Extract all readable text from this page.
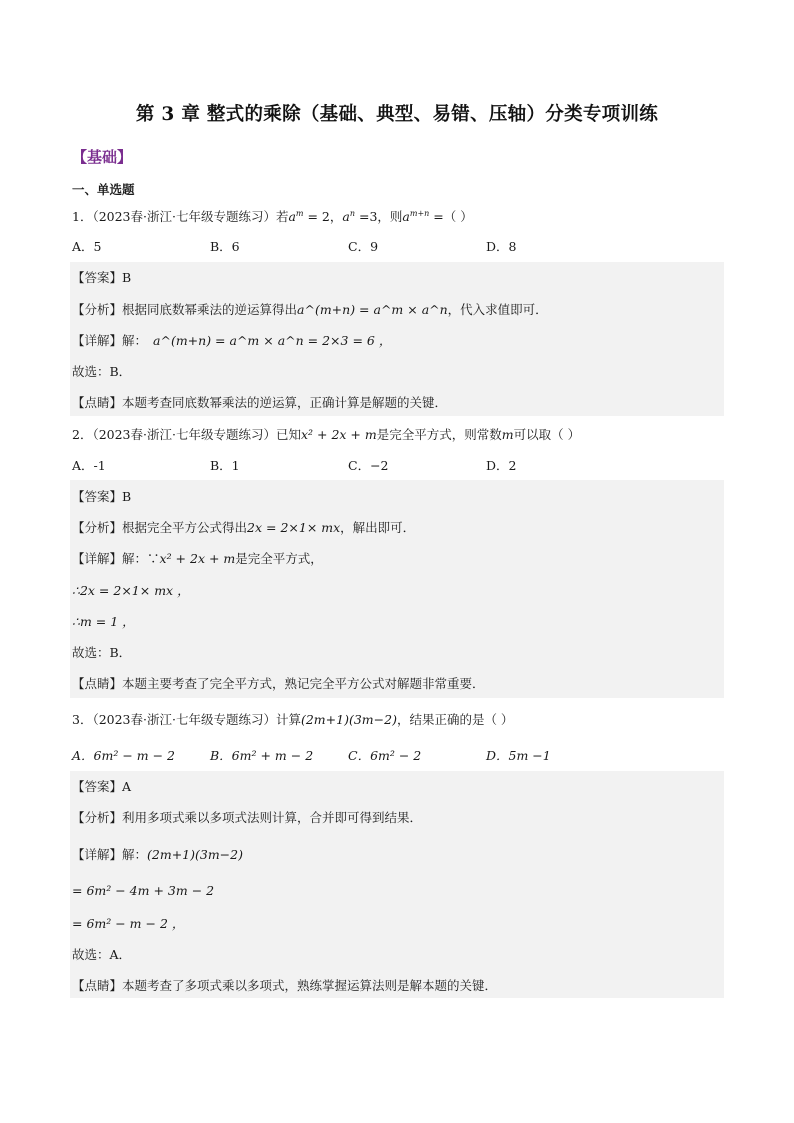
第 3 章 整式的乘除（基础、典型、易错、压轴）分类专项训练
【基础】
一、单选题
1．（2023春·浙江·七年级专题练习）若$a^m = 2$，$a^n =3$，则$a^{m+n}$ =（ ）
A．5	B．6	C．9	D．8
【答案】B
【分析】根据同底数幂乘法的逆运算得出a^(m+n) = a^m × a^n，代入求值即可．
【详解】解： a^(m+n) = a^m × a^n = 2×3 = 6 ，
故选：B．
【点睛】本题考查同底数幂乘法的逆运算，正确计算是解题的关键．
2．（2023春·浙江·七年级专题练习）已知x² + 2x + m是完全平方式，则常数m可以取（ ）
A．-1	B．1	C．−2	D．2
【答案】B
【分析】根据完全平方公式得出2x = 2×1× mx，解出即可．
【详解】解：∵x² + 2x + m是完全平方式，
∴2x = 2×1× mx ，
∴m = 1 ，
故选：B．
【点睛】本题主要考查了完全平方式，熟记完全平方公式对解题非常重要．
3．（2023春·浙江·七年级专题练习）计算(2m+1)(3m−2)，结果正确的是（ ）
A．6m² − m − 2	B．6m² + m − 2	C．6m² − 2	D．5m −1
【答案】A
【分析】利用多项式乘以多项式法则计算，合并即可得到结果．
【详解】解：(2m+1)(3m−2)
= 6m² − 4m + 3m − 2
= 6m² − m − 2 ，
故选：A．
【点睛】本题考查了多项式乘以多项式，熟练掌握运算法则是解本题的关键．
